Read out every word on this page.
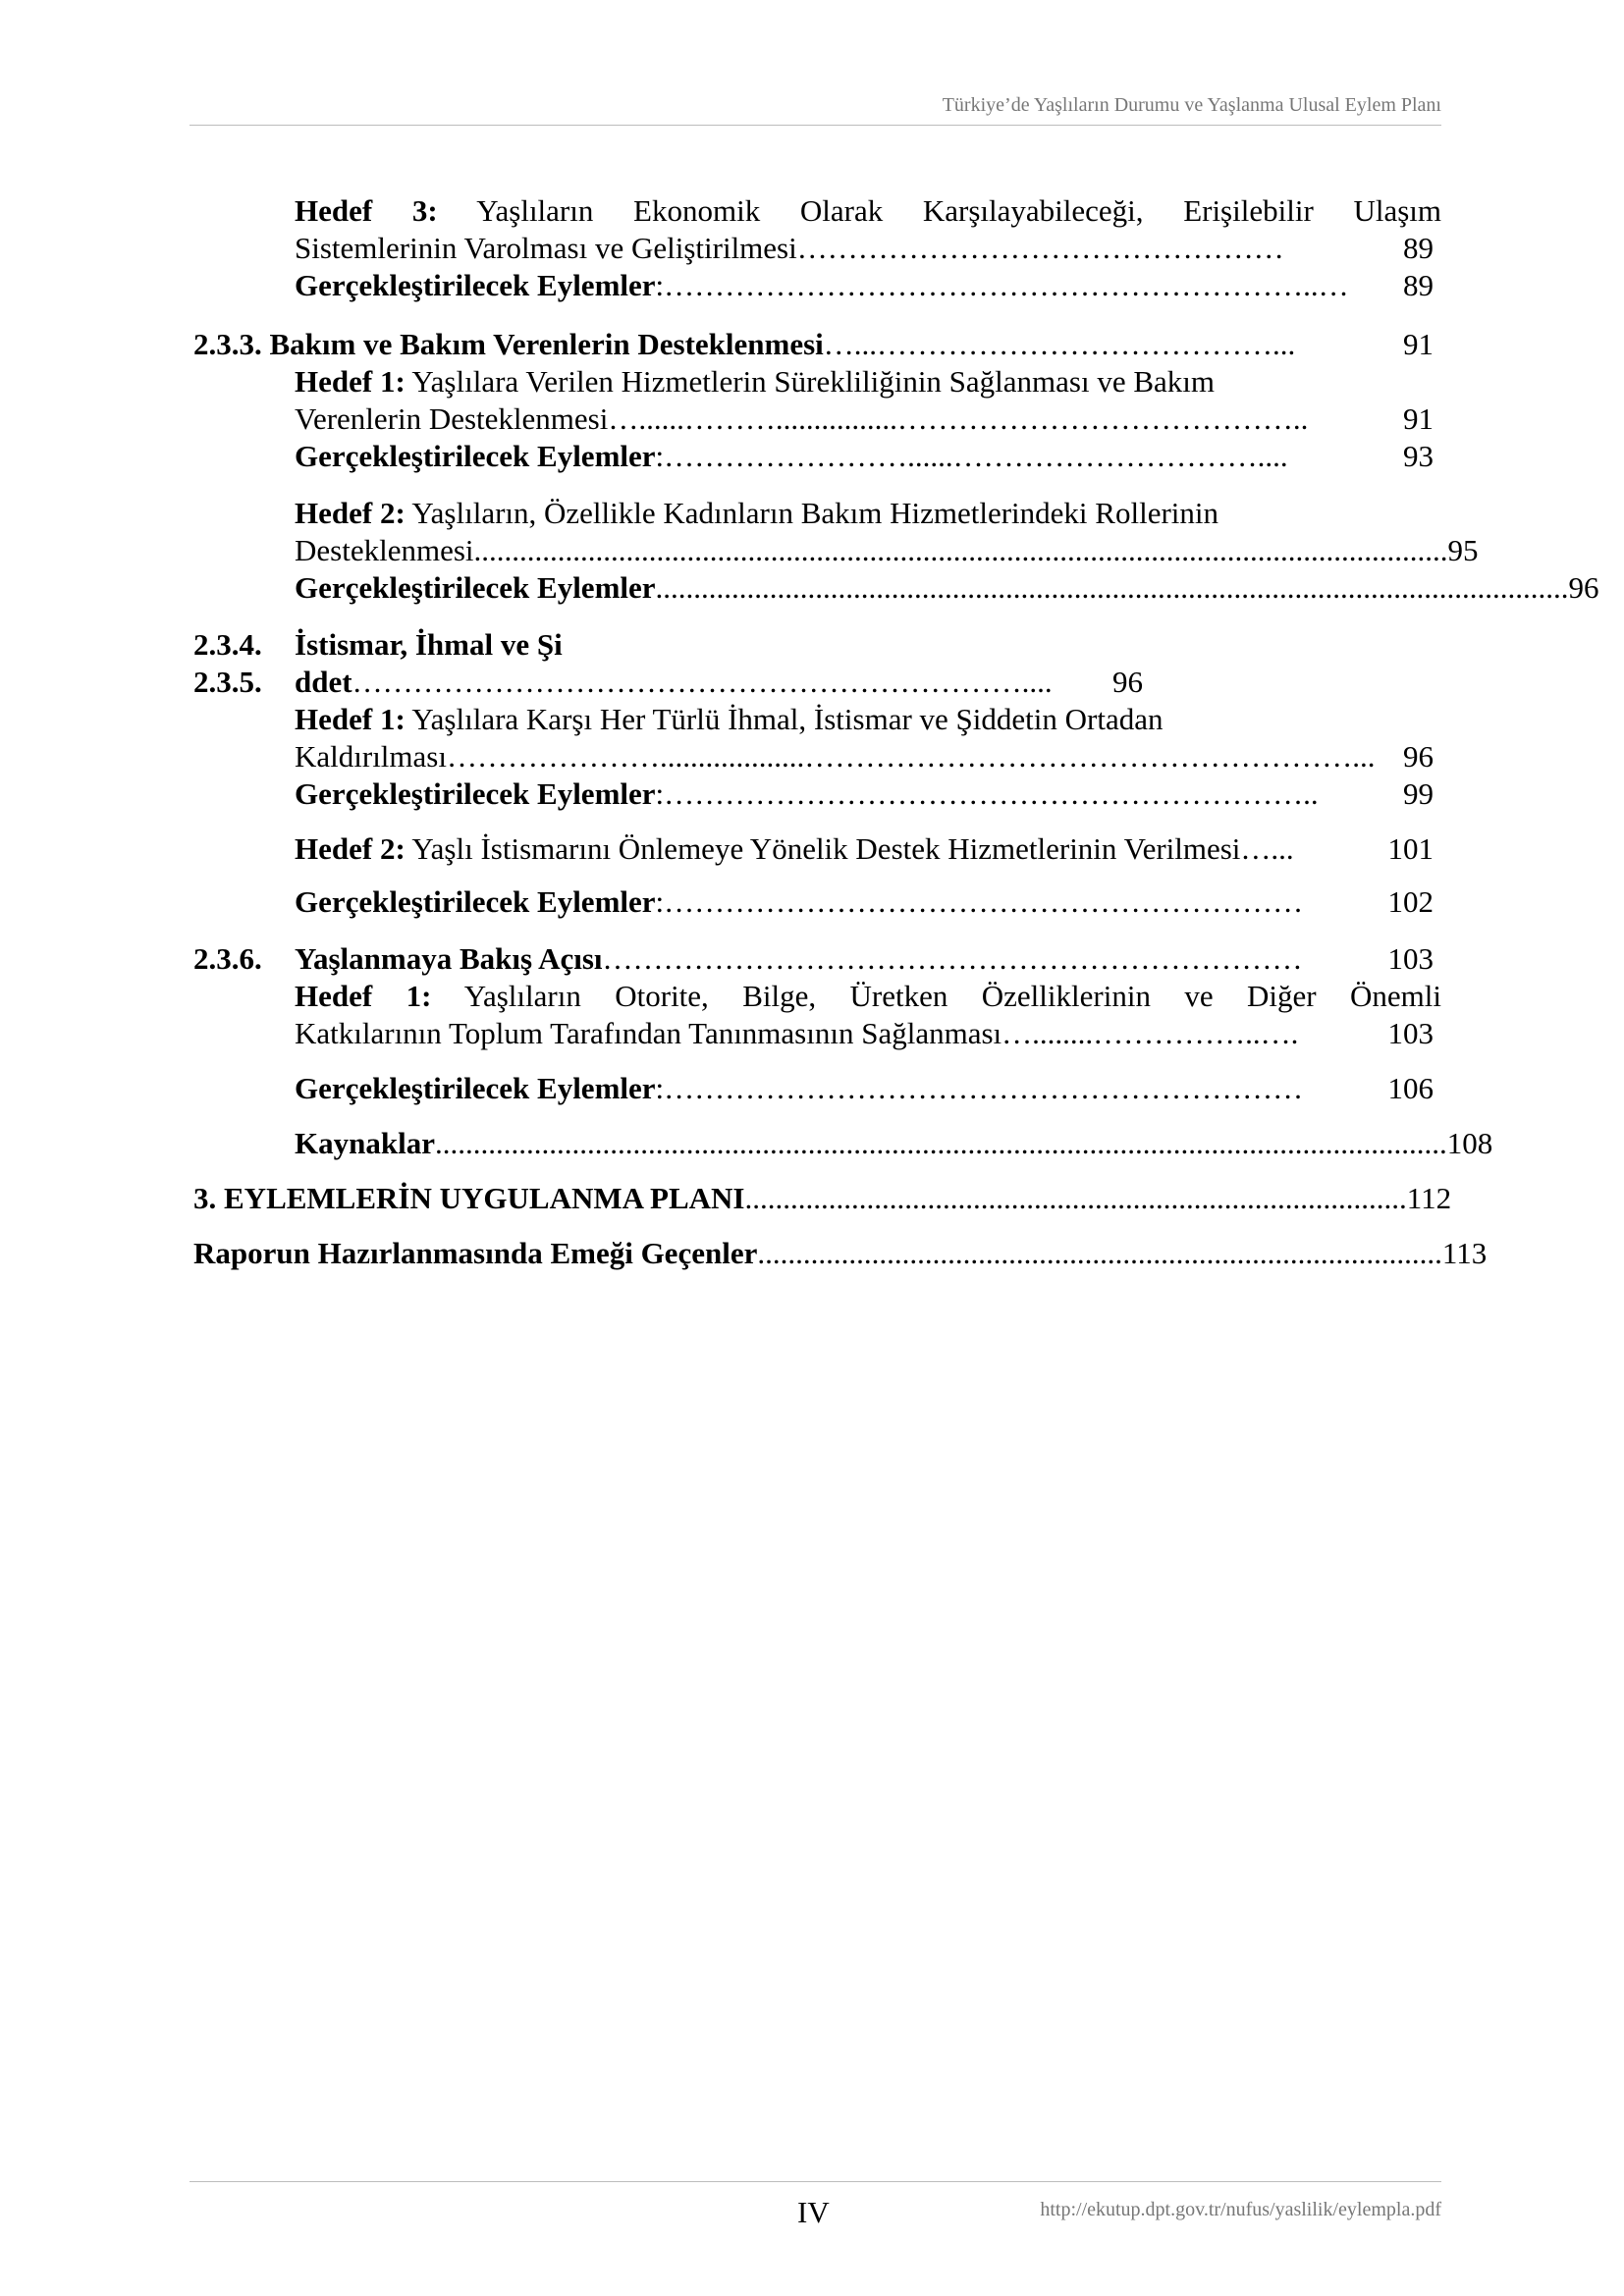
Türkiye’de Yaşlıların Durumu ve Yaşlanma Ulusal Eylem Planı
Hedef 3: Yaşlıların Ekonomik Olarak Karşılayabileceği, Erişilebilir Ulaşım
Sistemlerinin Varolması ve Geliştirilmesi …………………………………………	89
Gerçekleştirilecek Eylemler :………………………………………………………..…	89
2.3.3. Bakım ve Bakım Verenlerin Desteklenmesi …...…………………………………...	91
Hedef 1: Yaşlılara Verilen Hizmetlerin Sürekliliğinin Sağlanması ve Bakım
Verenlerin Desteklenmesi …......………................…………………………………..	91
Gerçekleştirilecek Eylemler :……………………......…………………………....	93
Hedef 2: Yaşlıların, Özellikle Kadınların Bakım Hizmetlerindeki Rollerinin
Desteklenmesi ................................................................................................................................ 95
Gerçekleştirilecek Eylemler ........................................................................................................................ 96
2.3.4. İstismar, İhmal ve Şi
2.3.5. ddet …………………………………………………………....	96
Hedef 1: Yaşlılara Karşı Her Türlü İhmal, İstismar ve Şiddetin Ortadan
Kaldırılması …………………...................………………………………………………... 96
Gerçekleştirilecek Eylemler :………………………………………………………..	99
Hedef 2: Yaşlı İstismarını Önlemeye Yönelik Destek Hizmetlerinin Verilmesi …...	101
Gerçekleştirilecek Eylemler :………………………………………………………	102
2.3.6. Yaşlanmaya Bakış Açısı ……………………………………………………………	103
Hedef 1: Yaşlıların Otorite, Bilge, Üretken Özelliklerinin ve Diğer Önemli
Katkılarının Toplum Tarafından Tanınmasının Sağlanması …........……………..….	103
Gerçekleştirilecek Eylemler :………………………………………………………	106
Kaynaklar ..................................................................................................................................... 108
3. EYLEMLERİN UYGULANMA PLANI ....................................................................................... 112
Raporun Hazırlanmasında Emeği Geçenler .......................................................................................... 113
IV	http://ekutup.dpt.gov.tr/nufus/yaslilik/eylempla.pdf
